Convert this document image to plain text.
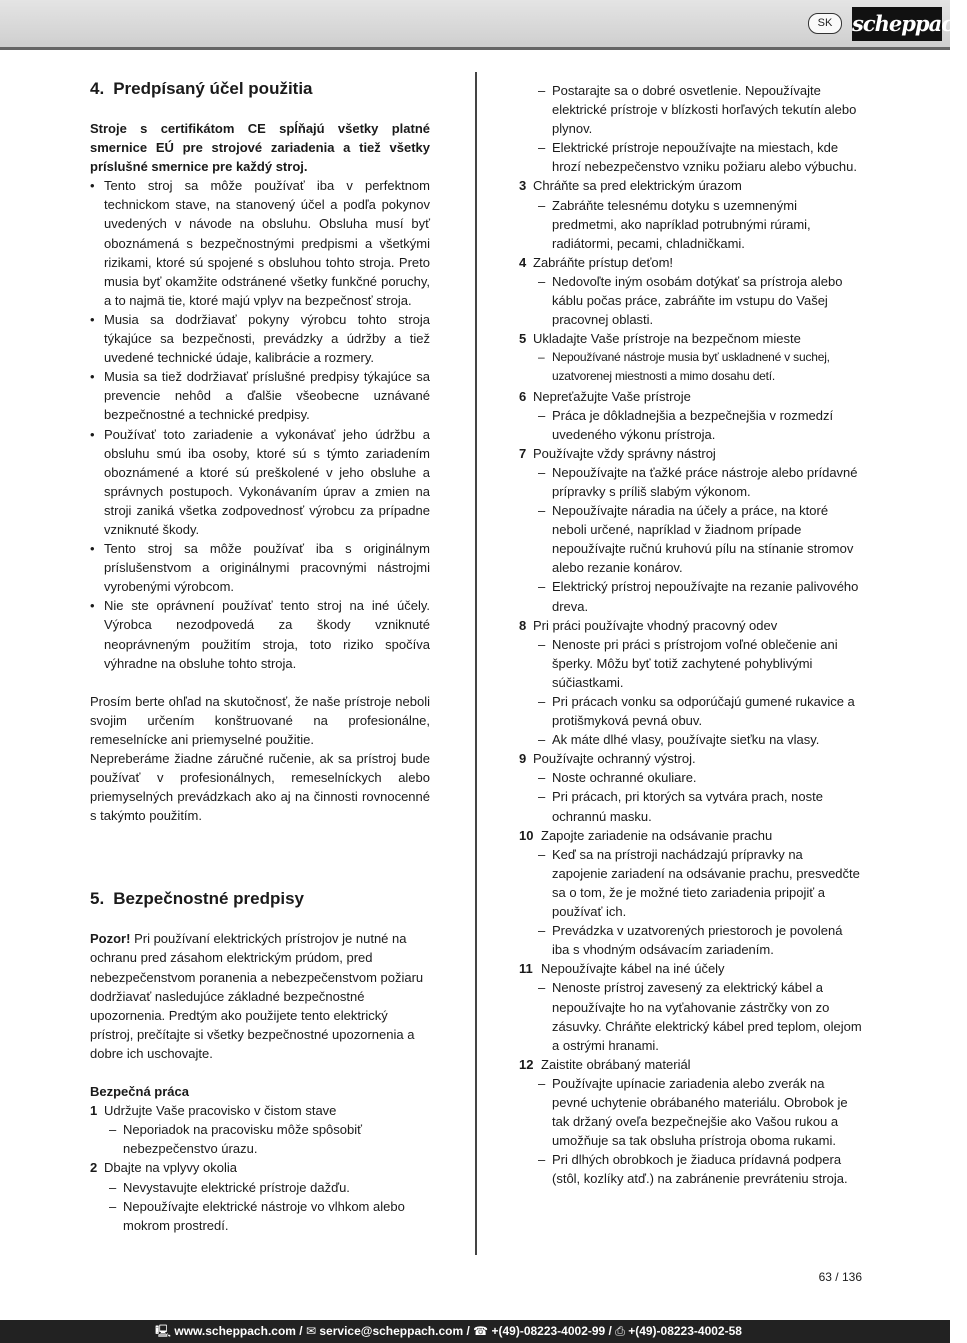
SK scheppach
4. Predpísaný účel použitia

Stroje s certifikátom CE spĺňajú všetky platné smernice EÚ pre strojové zariadenia a tiež všetky príslušné smernice pre každý stroj.

• Tento stroj sa môže používať iba v perfektnom technickom stave, na stanovený účel a podľa pokynov uvedených v návode na obsluhu. Obsluha musí byť oboznámená s bezpečnostnými predpismi a všetkými rizikami, ktoré sú spojené s obsluhou tohto stroja. Preto musia byť okamžite odstránené všetky funkčné poruchy, a to najmä tie, ktoré majú vplyv na bezpečnosť stroja.
• Musia sa dodržiavať pokyny výrobcu tohto stroja týkajúce sa bezpečnosti, prevádzky a údržby a tiež uvedené technické údaje, kalibrácie a rozmery.
• Musia sa tiež dodržiavať príslušné predpisy týkajúce sa prevencie nehôd a ďalšie všeobecne uznávané bezpečnostné a technické predpisy.
• Používať toto zariadenie a vykonávať jeho údržbu a obsluhu smú iba osoby, ktoré sú s týmto zariadením oboznámené a ktoré sú preškolené v jeho obsluhe a správnych postupoch. Vykonávaním úprav a zmien na stroji zaniká všetka zodpovednosť výrobcu za prípadne vzniknuté škody.
• Tento stroj sa môže používať iba s originálnym príslušenstvom a originálnymi pracovnými nástrojmi vyrobenými výrobcom.
• Nie ste oprávnení používať tento stroj na iné účely. Výrobca nezodpovedá za škody vzniknuté neoprávneným použitím stroja, toto riziko spočíva výhradne na obsluhe tohto stroja.

Prosím berte ohľad na skutočnosť, že naše prístroje neboli svojim určením konštruované na profesionálne, remeselnícke ani priemyselné použitie.

Nepreberáme žiadne záručné ručenie, ak sa prístroj bude používať v profesionálnych, remeselníckych alebo priemyselných prevádzkach ako aj na činnosti rovnocenné s takýmto použitím.

5. Bezpečnostné predpisy

Pozor! Pri používaní elektrických prístrojov je nutné na ochranu pred zásahom elektrickým prúdom, pred nebezpečenstvom poranenia a nebezpečenstvom požiaru dodržiavať nasledujúce základné bezpečnostné upozornenia. Predtým ako použijete tento elektrický prístroj, prečítajte si všetky bezpečnostné upozornenia a dobre ich uschovajte.

Bezpečná práca
1 Udržujte Vaše pracovisko v čistom stave
– Neporiadok na pracovisku môže spôsobiť nebezpečenstvo úrazu.
2 Dbajte na vplyvy okolia
– Nevystavujte elektrické prístroje dažďu.
– Nepoužívajte elektrické nástroje vo vlhkom alebo mokrom prostredí.
– Postarajte sa o dobré osvetlenie. Nepoužívajte elektrické prístroje v blízkosti horľavých tekutín alebo plynov.
– Elektrické prístroje nepoužívajte na miestach, kde hrozí nebezpečenstvo vzniku požiaru alebo výbuchu.
3 Chráňte sa pred elektrickým úrazom
– Zabráňte telesnému dotyku s uzemnenými predmetmi, ako napríklad potrubnými rúrami, radiátormi, pecami, chladničkami.
4 Zabráňte prístup deťom!
– Nedovoľte iným osobám dotýkať sa prístroja alebo káblu počas práce, zabráňte im vstupu do Vašej pracovnej oblasti.
5 Ukladajte Vaše prístroje na bezpečnom mieste
– Nepoužívané nástroje musia byť uskladnené v suchej, uzatvorenej miestnosti a mimo dosahu detí.
6 Nepreťažujte Vaše prístroje
– Práca je dôkladnejšia a bezpečnejšia v rozmedzí uvedeného výkonu prístroja.
7 Používajte vždy správny nástroj
– Nepoužívajte na ťažké práce nástroje alebo prídavné prípravky s príliš slabým výkonom.
– Nepoužívajte náradia na účely a práce, na ktoré neboli určené, napríklad v žiadnom prípade nepoužívajte ručnú kruhovú pílu na stínanie stromov alebo rezanie konárov.
– Elektrický prístroj nepoužívajte na rezanie palivového dreva.
8 Pri práci používajte vhodný pracovný odev
– Nenoste pri práci s prístrojom voľné oblečenie ani šperky. Môžu byť totiž zachytené pohyblivými súčiastkami.
– Pri prácach vonku sa odporúčajú gumené rukavice a protišmyková pevná obuv.
– Ak máte dlhé vlasy, používajte sieťku na vlasy.
9 Používajte ochranný výstroj.
– Noste ochranné okuliare.
– Pri prácach, pri ktorých sa vytvára prach, noste ochrannú masku.
10 Zapojte zariadenie na odsávanie prachu
– Keď sa na prístroji nachádzajú prípravky na zapojenie zariadení na odsávanie prachu, presvedčte sa o tom, že je možné tieto zariadenia pripojiť a používať ich.
– Prevádzka v uzatvorených priestoroch je povolená iba s vhodným odsávacím zariadením.
11 Nepoužívajte kábel na iné účely
– Nenoste prístroj zavesený za elektrický kábel a nepoužívajte ho na vyťahovanie zástrčky von zo zásuvky. Chráňte elektrický kábel pred teplom, olejom a ostrými hranami.
12 Zaistite obrábaný materiál
– Používajte upínacie zariadenia alebo zverák na pevné uchytenie obrábaného materiálu. Obrobok je tak držaný oveľa bezpečnejšie ako Vašou rukou a umožňuje sa tak obsluha prístroja oboma rukami.
– Pri dlhých obrobkoch je žiaduca prídavná podpera (stôl, kozlíky atď.) na zabránenie prevráteniu stroja.
63 / 136
🖳 www.scheppach.com / ✉ service@scheppach.com / ☎ +(49)-08223-4002-99 / ⎙ +(49)-08223-4002-58
